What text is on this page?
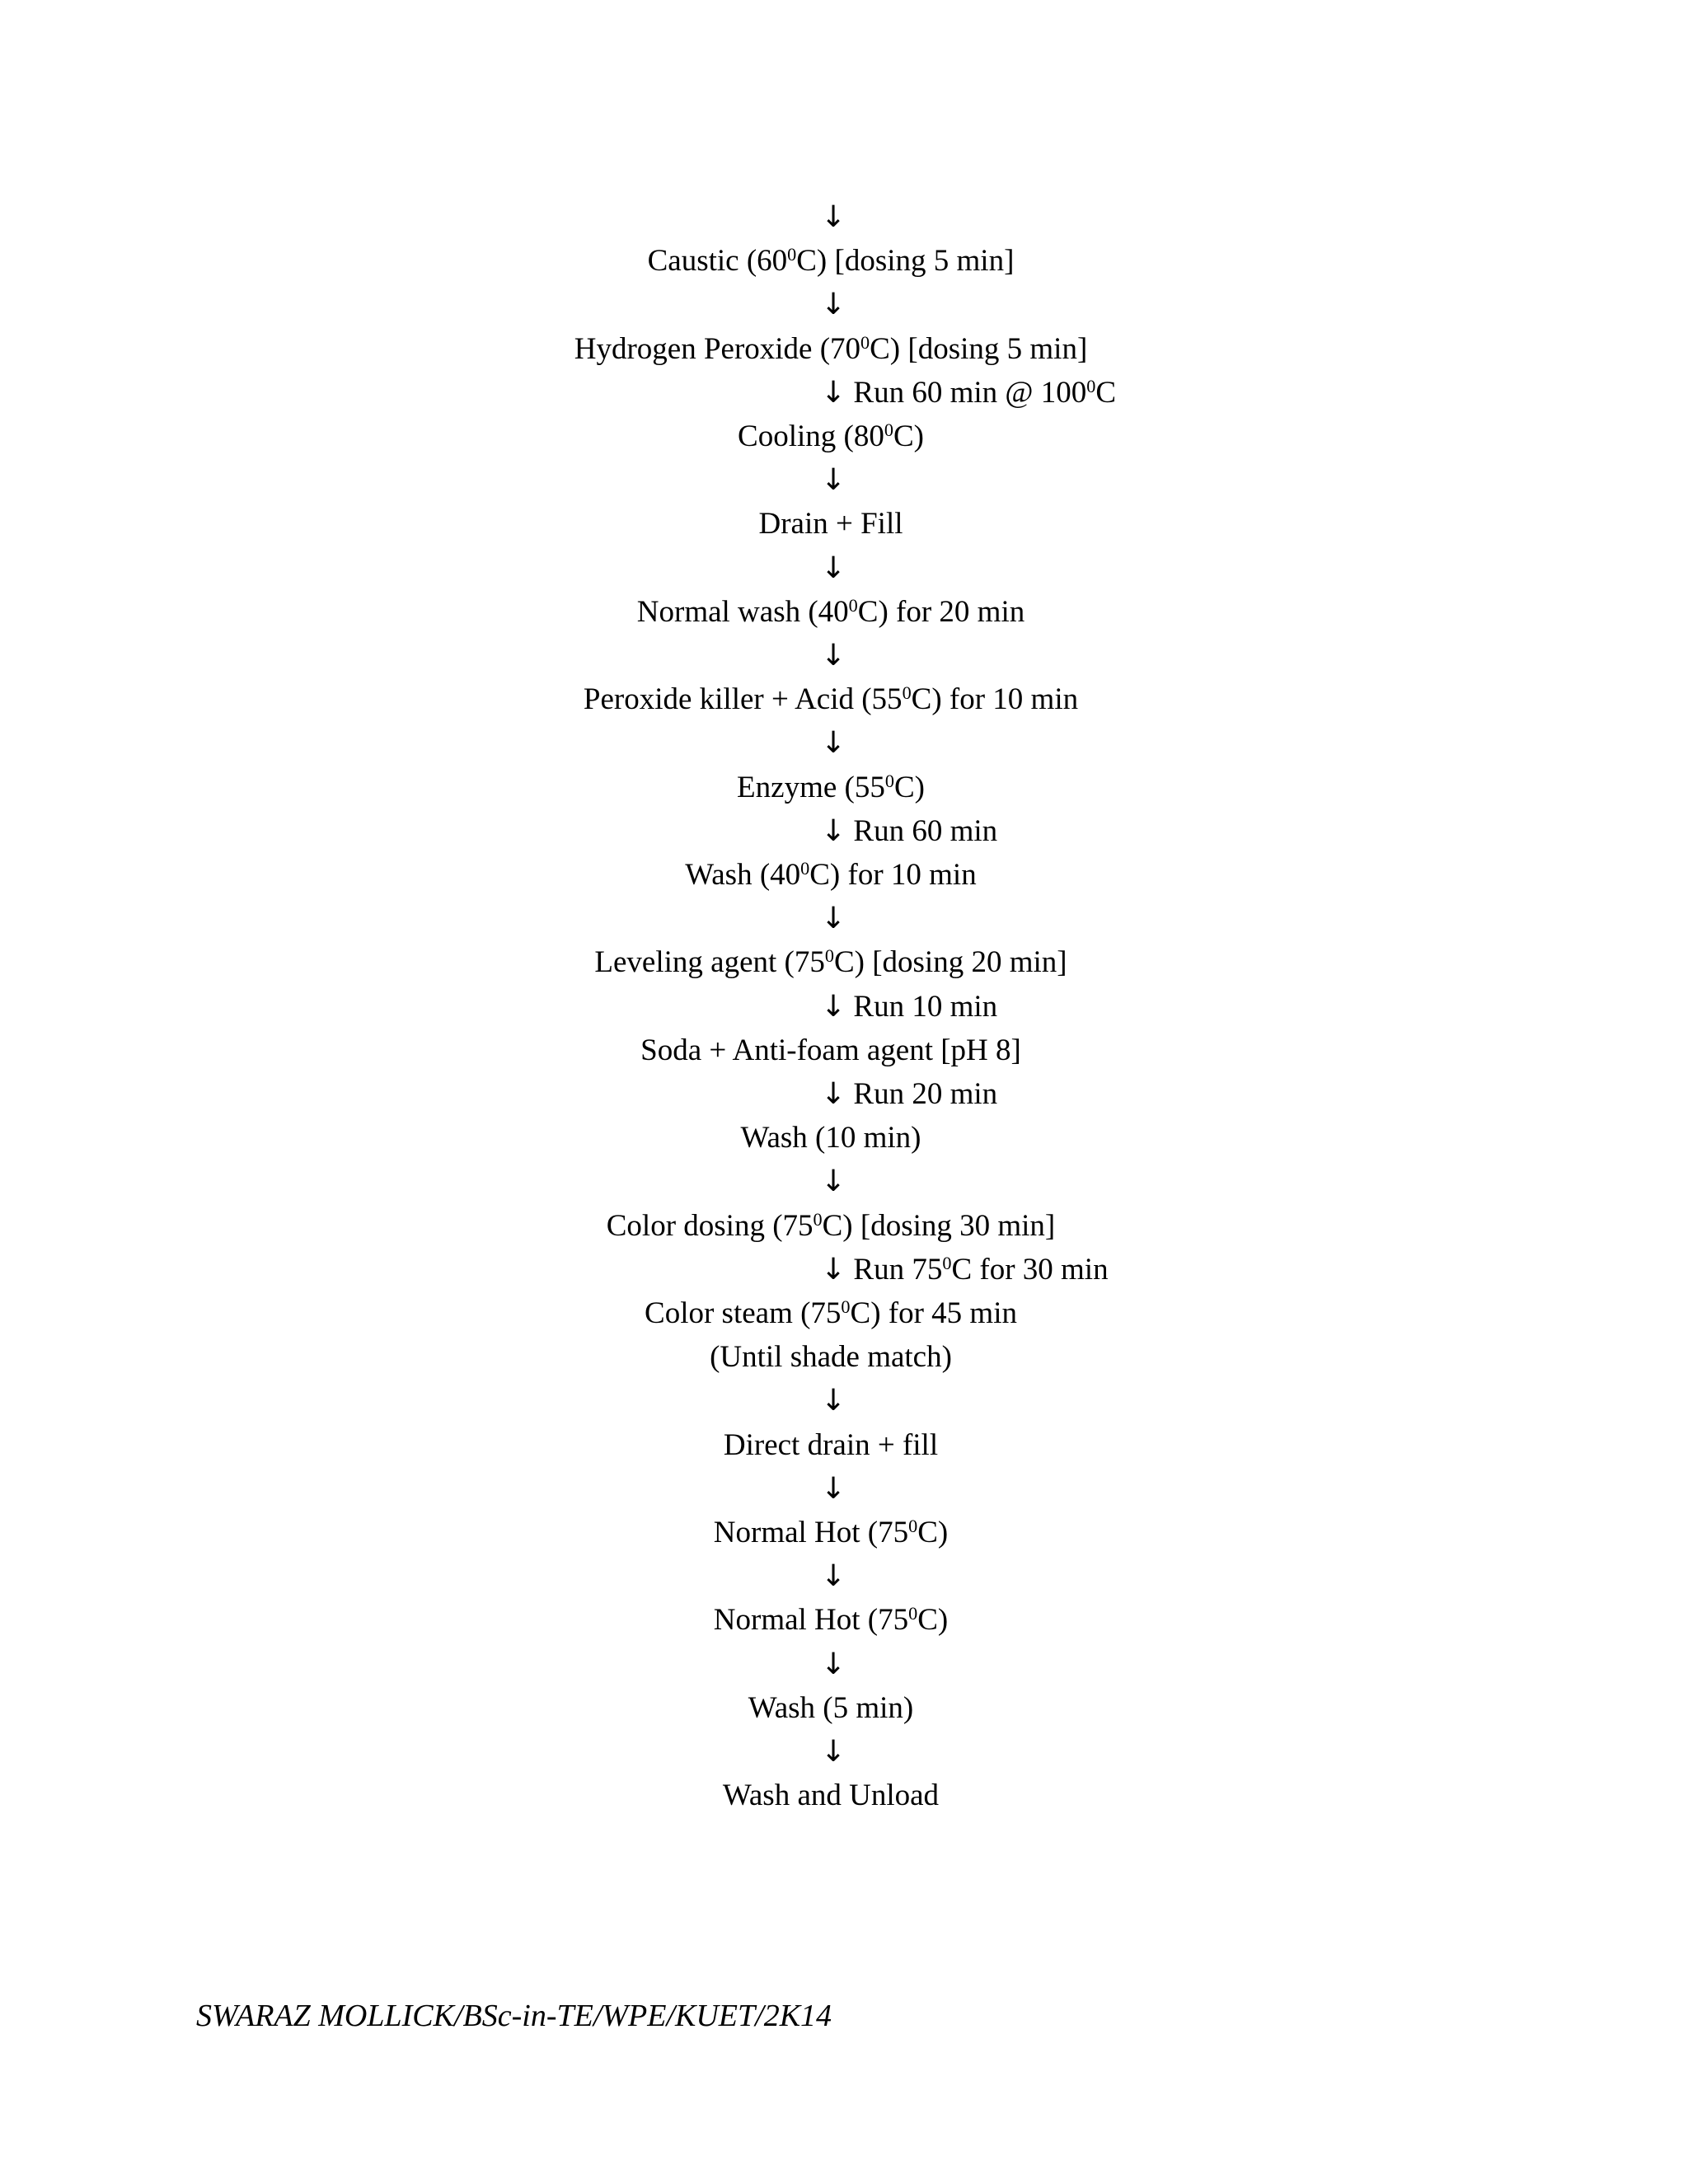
↓
Caustic $(60^0C)$ [dosing 5 min]
↓
Hydrogen Peroxide $(70^0C)$ [dosing 5 min]
↓ Run 60 min @ $100^0C$
Cooling $(80^0C)$
↓
Drain + Fill
↓
Normal wash $(40^0C)$ for 20 min
↓
Peroxide killer + Acid $(55^0C)$ for 10 min
↓
Enzyme $(55^0C)$
↓ Run 60 min
Wash $(40^0C)$ for 10 min
↓
Leveling agent $(75^0C)$ [dosing 20 min]
↓ Run 10 min
Soda + Anti-foam agent [pH 8]
↓ Run 20 min
Wash (10 min)
↓
Color dosing $(75^0C)$ [dosing 30 min]
↓ Run $75^0C$ for 30 min
Color steam $(75^0C)$ for 45 min
(Until shade match)
↓
Direct drain + fill
↓
Normal Hot $(75^0C)$
↓
Normal Hot $(75^0C)$
↓
Wash (5 min)
↓
Wash and Unload
SWARAZ MOLLICK/BSc-in-TE/WPE/KUET/2K14
